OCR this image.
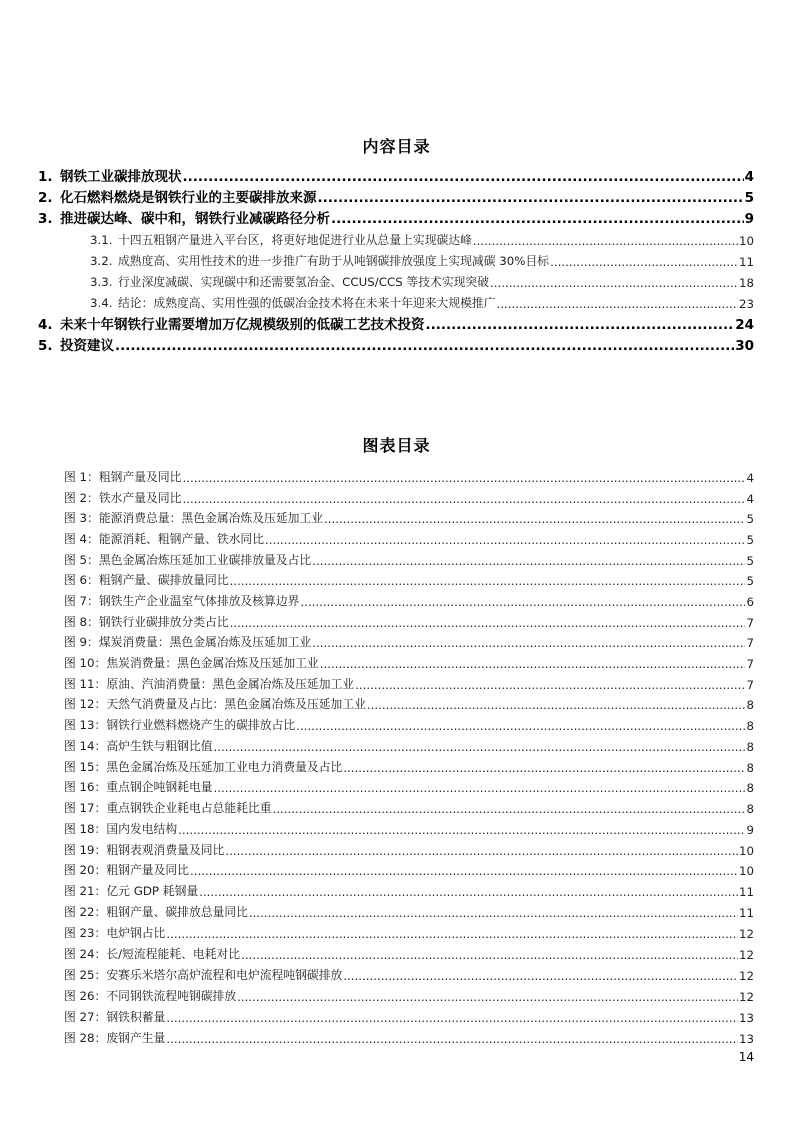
内容目录
1. 钢铁工业碳排放现状 .....	4
2. 化石燃料燃烧是钢铁行业的主要碳排放来源 .....	5
3. 推进碳达峰、碳中和，钢铁行业减碳路径分析 .....	9
3.1. 十四五粗钢产量进入平台区，将更好地促进行业从总量上实现碳达峰 .....	10
3.2. 成熟度高、实用性技术的进一步推广有助于从吨钢碳排放强度上实现减碳 30%目标 .....	11
3.3. 行业深度减碳、实现碳中和还需要氢冶金、CCUS/CCS 等技术实现突破 .....	18
3.4. 结论：成熟度高、实用性强的低碳冶金技术将在未来十年迎来大规模推广 .....	23
4. 未来十年钢铁行业需要增加万亿规模级别的低碳工艺技术投资 .....	24
5. 投资建议 .....	30
图表目录
图 1：粗钢产量及同比 .....	4
图 2：铁水产量及同比 .....	4
图 3：能源消费总量：黑色金属冶炼及压延加工业 .....	5
图 4：能源消耗、粗钢产量、铁水同比 .....	5
图 5：黑色金属冶炼压延加工业碳排放量及占比 .....	5
图 6：粗钢产量、碳排放量同比 .....	5
图 7：钢铁生产企业温室气体排放及核算边界 .....	6
图 8：钢铁行业碳排放分类占比 .....	7
图 9：煤炭消费量：黑色金属冶炼及压延加工业 .....	7
图 10：焦炭消费量：黑色金属冶炼及压延加工业 .....	7
图 11：原油、汽油消费量：黑色金属冶炼及压延加工业 .....	7
图 12：天然气消费量及占比：黑色金属冶炼及压延加工业 .....	8
图 13：钢铁行业燃料燃烧产生的碳排放占比 .....	8
图 14：高炉生铁与粗钢比值 .....	8
图 15：黑色金属冶炼及压延加工业电力消费量及占比 .....	8
图 16：重点钢企吨钢耗电量 .....	8
图 17：重点钢铁企业耗电占总能耗比重 .....	8
图 18：国内发电结构 .....	9
图 19：粗钢表观消费量及同比 .....	10
图 20：粗钢产量及同比 .....	10
图 21：亿元 GDP 耗钢量 .....	11
图 22：粗钢产量、碳排放总量同比 .....	11
图 23：电炉钢占比 .....	12
图 24：长/短流程能耗、电耗对比 .....	12
图 25：安赛乐米塔尔高炉流程和电炉流程吨钢碳排放 .....	12
图 26：不同钢铁流程吨钢碳排放 .....	12
图 27：钢铁积蓄量 .....	13
图 28：废钢产生量 .....	13
14
